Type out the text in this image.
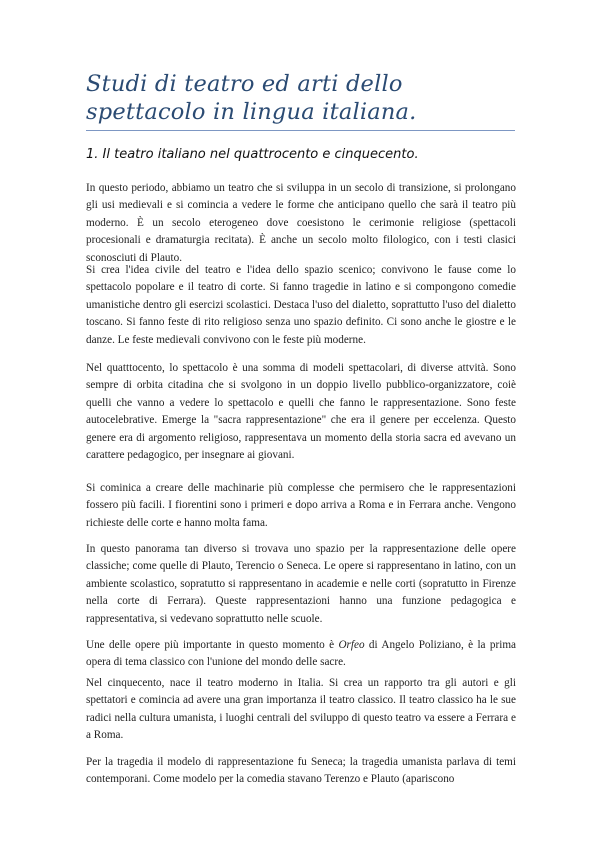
Studi di teatro ed arti dello spettacolo in lingua italiana.
1. Il teatro italiano nel quattrocento e cinquecento.

In questo periodo, abbiamo un teatro che si sviluppa in un secolo di transizione, si prolongano gli usi medievali e si comincia a vedere le forme che anticipano quello che sarà il teatro più moderno. È un secolo eterogeneo dove coesistono le cerimonie religiose (spettacoli procesionali e dramaturgia recitata). È anche un secolo molto filologico, con i testi clasici sconosciuti di Plauto.

Si crea l'idea civile del teatro e l'idea dello spazio scenico; convivono le fause come lo spettacolo popolare e il teatro di corte. Si fanno tragedie in latino e si compongono comedie umanistiche dentro gli esercizi scolastici. Destaca l'uso del dialetto, soprattutto l'uso del dialetto toscano. Si fanno feste di rito religioso senza uno spazio definito. Ci sono anche le giostre e le danze. Le feste medievali convivono con le feste più moderne.

Nel quatttocento, lo spettacolo è una somma di modeli spettacolari, di diverse attvità. Sono sempre di orbita citadina che si svolgono in un doppio livello pubblico-organizzatore, coiè quelli che vanno a vedere lo spettacolo e quelli che fanno le rappresentazione. Sono feste autocelebrative. Emerge la "sacra rappresentazione" che era il genere per eccelenza. Questo genere era di argomento religioso, rappresentava un momento della storia sacra ed avevano un carattere pedagogico, per insegnare ai giovani.

Si cominica a creare delle machinarie più complesse che permisero che le rappresentazioni fossero più facili. I fiorentini sono i primeri e dopo arriva a Roma e in Ferrara anche. Vengono richieste delle corte e hanno molta fama.

In questo panorama tan diverso si trovava uno spazio per la rappresentazione delle opere classiche; come quelle di Plauto, Terencio o Seneca. Le opere si rappresentano in latino, con un ambiente scolastico, sopratutto si rappresentano in academie e nelle corti (sopratutto in Firenze nella corte di Ferrara). Queste rappresentazioni hanno una funzione pedagogica e rappresentativa, si vedevano soprattutto nelle scuole.

Une delle opere più importante in questo momento è Orfeo di Angelo Poliziano, è la prima opera di tema classico con l'unione del mondo delle sacre.

Nel cinquecento, nace il teatro moderno in Italia. Si crea un rapporto tra gli autori e gli spettatori e comincia ad avere una gran importanza il teatro classico. Il teatro classico ha le sue radici nella cultura umanista, i luoghi centrali del sviluppo di questo teatro va essere a Ferrara e a Roma.

Per la tragedia il modelo di rappresentazione fu Seneca; la tragedia umanista parlava di temi contemporani. Come modelo per la comedia stavano Terenzo e Plauto (apariscono
